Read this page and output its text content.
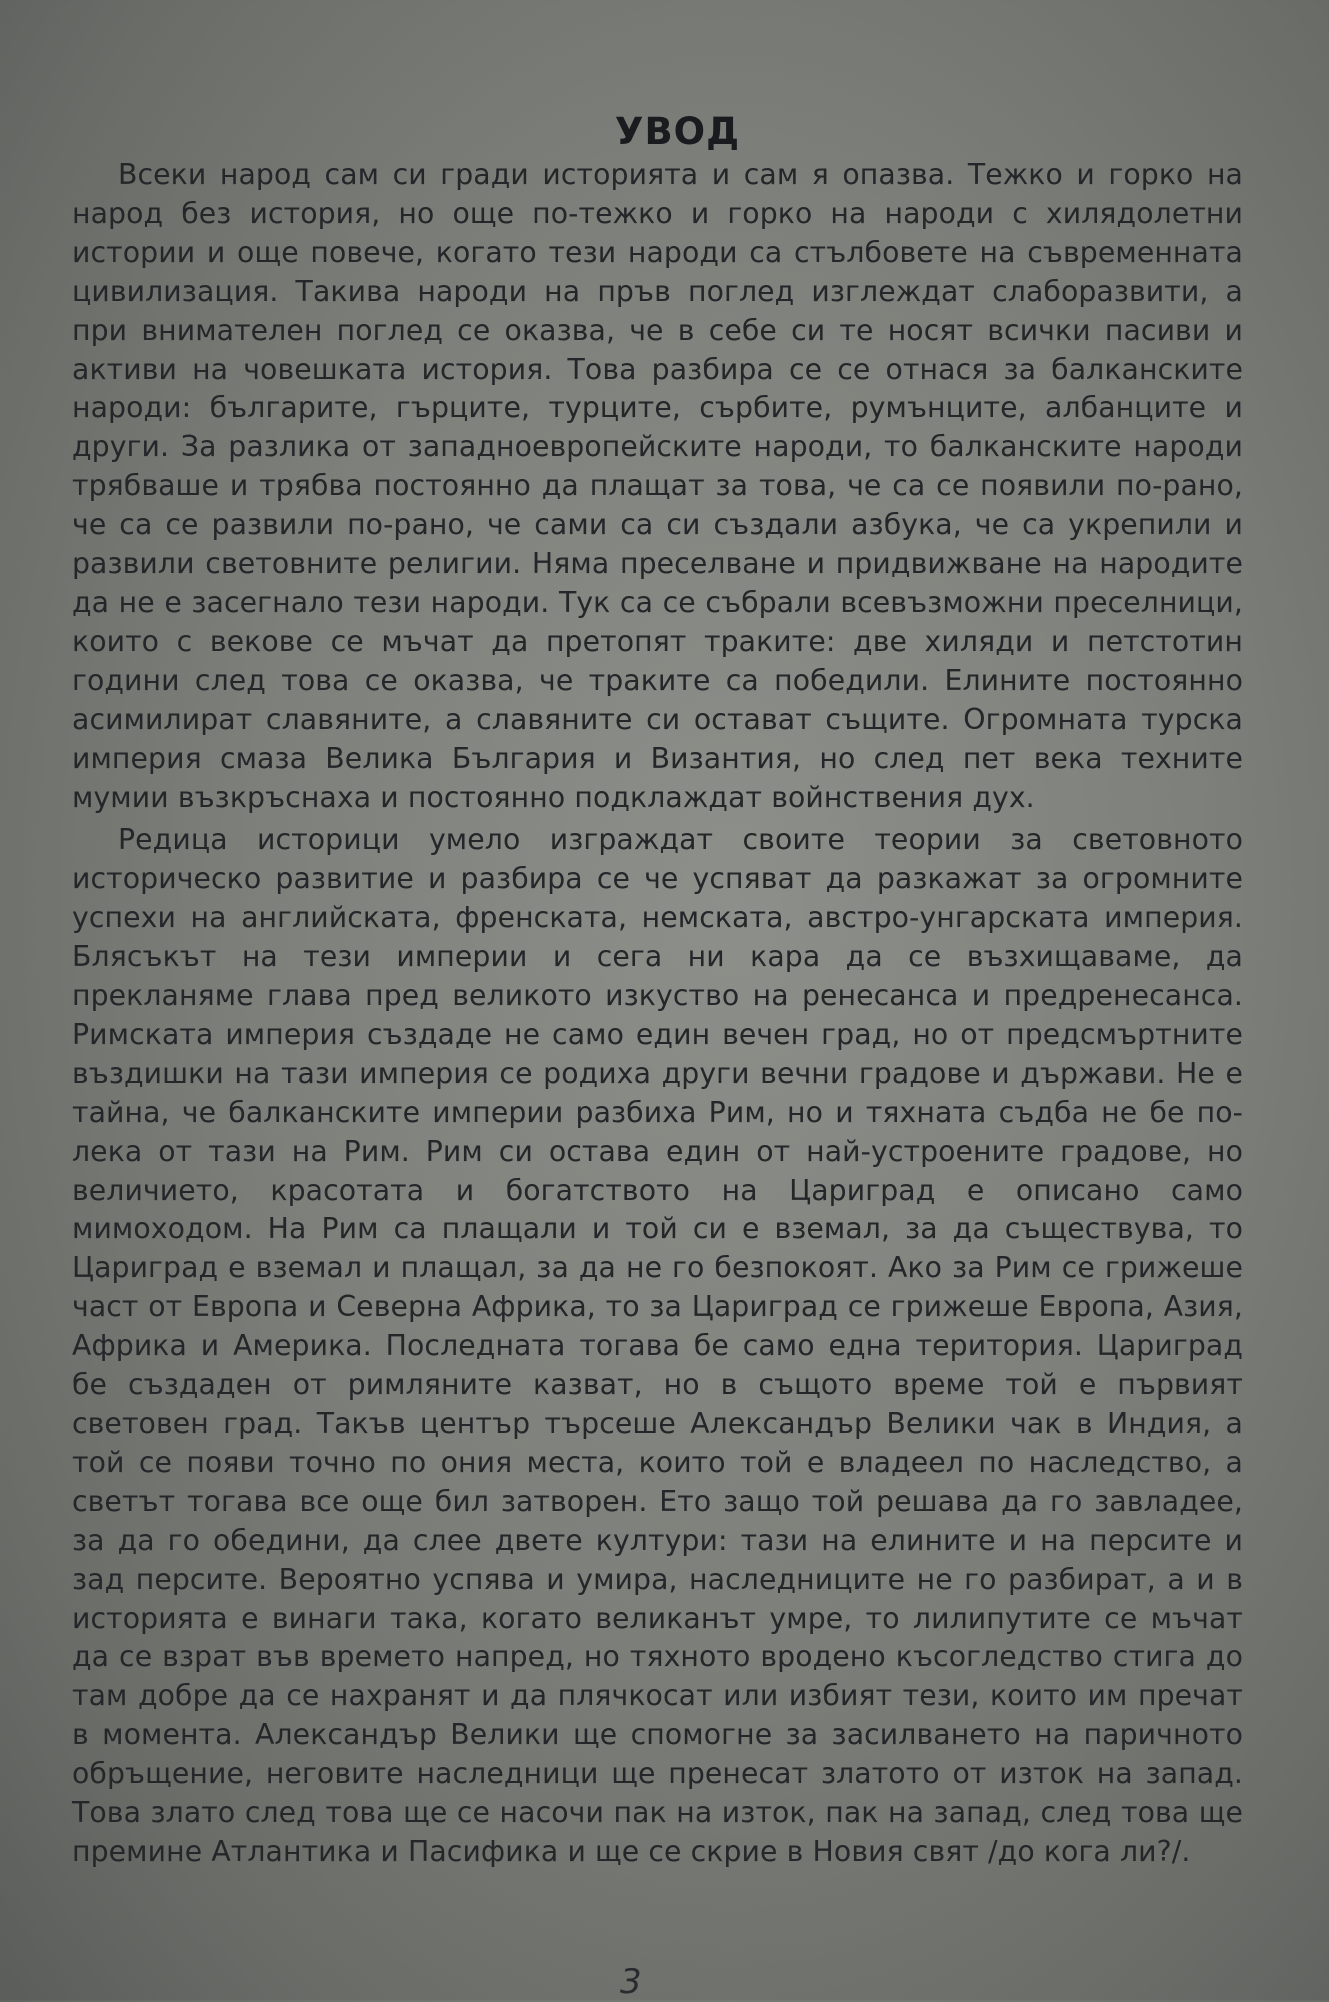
УВОД

Всеки народ сам си гради историята и сам я опазва. Тежко и горко на народ без история, но още по-тежко и горко на народи с хилядолетни истории и още повече, когато тези народи са стълбовете на съвременната цивилизация. Такива народи на пръв поглед изглеждат слаборазвити, а при внимателен поглед се оказва, че в себе си те носят всички пасиви и активи на човешката история. Това разбира се се отнася за балканските народи: българите, гърците, турците, сърбите, румънците, албанците и други. За разлика от западноевропейските народи, то балканските народи трябваше и трябва постоянно да плащат за това, че са се появили по-рано, че са се развили по-рано, че сами са си създали азбука, че са укрепили и развили световните религии. Няма преселване и придвижване на народите да не е засегнало тези народи. Тук са се събрали всевъзможни преселници, които с векове се мъчат да претопят траките: две хиляди и петстотин години след това се оказва, че траките са победили. Елините постоянно асимилират славяните, а славяните си остават същите. Огромната турска империя смаза Велика България и Византия, но след пет века техните мумии възкръснаха и постоянно подклаждат войнствения дух.

Редица историци умело изграждат своите теории за световното историческо развитие и разбира се че успяват да разкажат за огромните успехи на английската, френската, немската, австро-унгарската империя. Блясъкът на тези империи и сега ни кара да се възхищаваме, да прекланяме глава пред великото изкуство на ренесанса и предренесанса. Римската империя създаде не само един вечен град, но от предсмъртните въздишки на тази империя се родиха други вечни градове и държави. Не е тайна, че балканските империи разбиха Рим, но и тяхната съдба не бе по-лека от тази на Рим. Рим си остава един от най-устроените градове, но величието, красотата и богатството на Цариград е описано само мимоходом. На Рим са плащали и той си е вземал, за да съществува, то Цариград е вземал и плащал, за да не го безпокоят. Ако за Рим се грижеше част от Европа и Северна Африка, то за Цариград се грижеше Европа, Азия, Африка и Америка. Последната тогава бе само една територия. Цариград бе създаден от римляните казват, но в същото време той е първият световен град. Такъв център търсеше Александър Велики чак в Индия, а той се появи точно по ония места, които той е владеел по наследство, а светът тогава все още бил затворен. Ето защо той решава да го завладее, за да го обедини, да слее двете култури: тази на елините и на персите и зад персите. Вероятно успява и умира, наследниците не го разбират, а и в историята е винаги така, когато великанът умре, то лилипутите се мъчат да се взрат във времето напред, но тяхното вродено късогледство стига до там добре да се нахранят и да плячкосат или избият тези, които им пречат в момента. Александър Велики ще спомогне за засилването на паричното обръщение, неговите наследници ще пренесат златото от изток на запад. Това злато след това ще се насочи пак на изток, пак на запад, след това ще премине Атлантика и Пасифика и ще се скрие в Новия свят /до кога ли?/.

3
